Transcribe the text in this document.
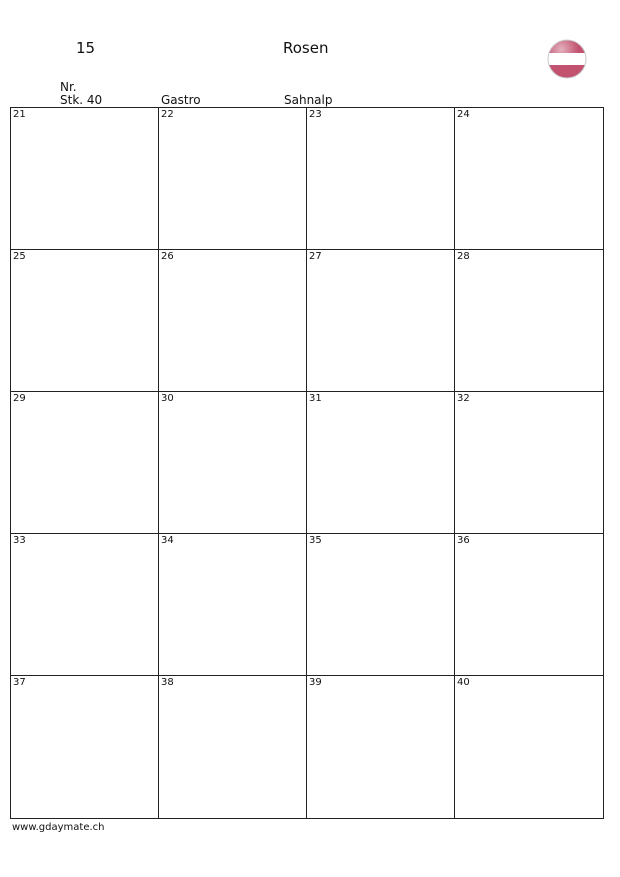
15	Rosen
Nr.
Stk. 40	Gastro	Sahnalp
21	22	23	24
25	26	27	28
29	30	31	32
33	34	35	36
37	38	39	40
www.gdaymate.ch
